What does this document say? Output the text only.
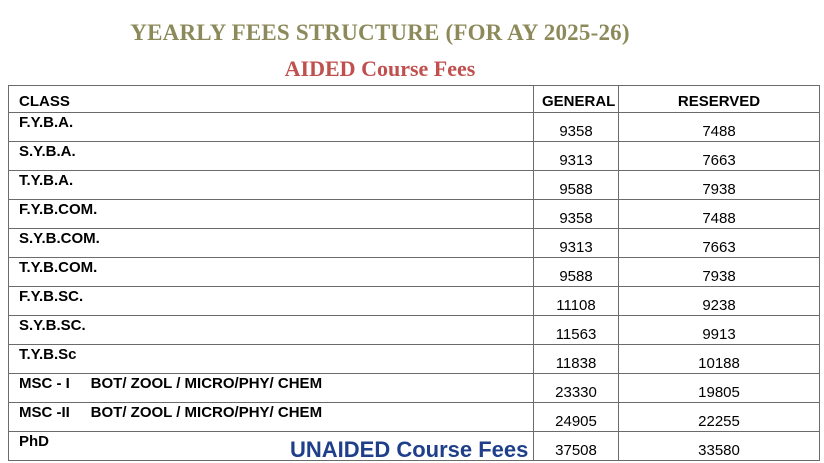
YEARLY FEES STRUCTURE (FOR AY 2025-26)
AIDED Course Fees
CLASS	GENERAL	RESERVED
F.Y.B.A.	9358	7488
S.Y.B.A.	9313	7663
T.Y.B.A.	9588	7938
F.Y.B.COM.	9358	7488
S.Y.B.COM.	9313	7663
T.Y.B.COM.	9588	7938
F.Y.B.SC.	11108	9238
S.Y.B.SC.	11563	9913
T.Y.B.Sc	11838	10188
MSC - I     BOT/ ZOOL / MICRO/PHY/ CHEM	23330	19805
MSC -II     BOT/ ZOOL / MICRO/PHY/ CHEM	24905	22255
PhD	37508	33580
UNAIDED Course Fees
